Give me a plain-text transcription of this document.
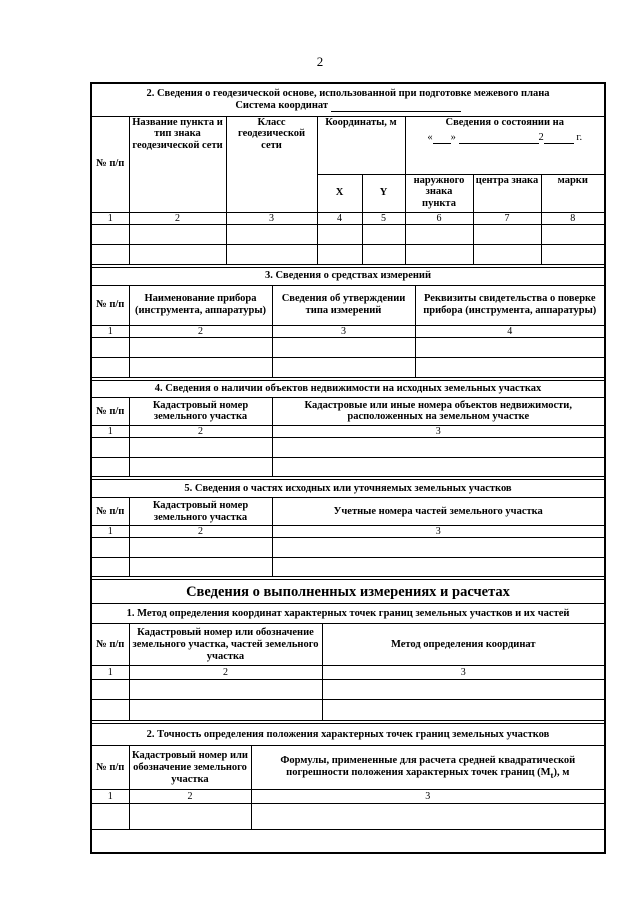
2
2. Сведения о геодезической основе, использованной при подготовке межевого плана
Система координат							

№ п/п	Название пункта и тип знака геодезической сети	Класс геодезической сети	Координаты, м		Сведения о состоянии на
« » 2 г.		

			X	Y	наружного знака пункта	центра знака	марки
1	2	3	4	5	6	7	8

3. Сведения о средствах измерений			
№ п/п	Наименование прибора (инструмента, аппаратуры)	Сведения об утверждении типа измерений	Реквизиты свидетельства о поверке прибора (инструмента, аппаратуры)
1	2	3	4

4. Сведения о наличии объектов недвижимости на исходных земельных участках		
№ п/п	Кадастровый номер земельного участка	Кадастровые или иные номера объектов недвижимости, расположенных на земельном участке
1	2	3

5. Сведения о частях исходных или уточняемых земельных участков		
№ п/п	Кадастровый номер земельного участка	Учетные номера частей земельного участка
1	2	3

Сведения о выполненных измерениях и расчетах		
1. Метод определения координат характерных точек границ земельных участков и их частей		
№ п/п	Кадастровый номер или обозначение земельного участка, частей земельного участка	Метод определения координат
1	2	3

2. Точность определения положения характерных точек границ земельных участков		
№ п/п	Кадастровый номер или обозначение земельного участка	Формулы, примененные для расчета средней квадратической погрешности положения характерных точек границ $(M_t)$, м
1	2	3
